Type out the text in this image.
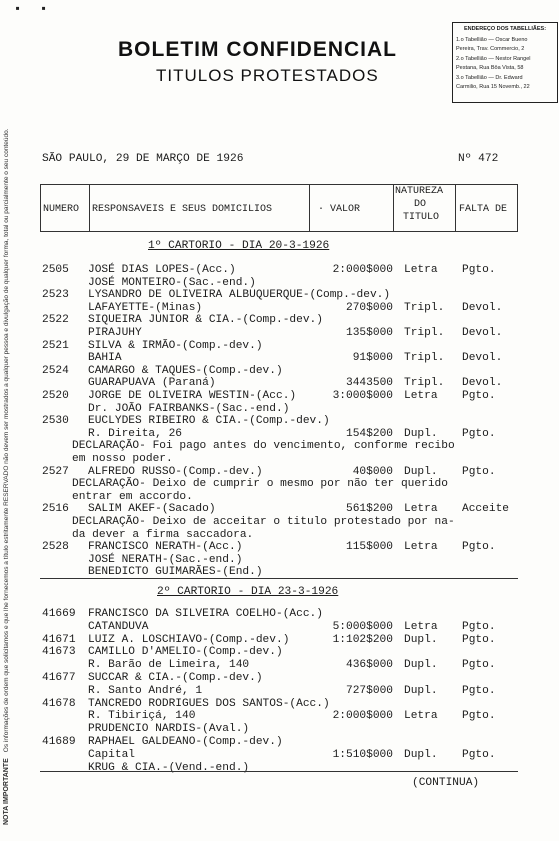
BOLETIM CONFIDENCIAL
TITULOS PROTESTADOS
ENDEREÇO DOS TABELLIÃES:
1.o Tabellião — Oscar Bueno
Pereira, Trav. Commercio, 2
2.o Tabellião — Nestor Rangel
Pestana, Rua Bôa Vista, 58
3.o Tabellião — Dr. Edward
Carmilio, Rua 15 Novemb., 22
NOTA IMPORTANTEOs informações de ordem que solicitamos e que lhe fornecemos a título estritamente RESERVADO não devem ser mostrados a qualquer pessoa e divulgação de qualquer forma, total ou parcialmente o seu conteúdo.
▪ ▪
SÃO PAULO, 29 DE MARÇO DE 1926	Nº 472
NUMERO RESPONSAVEIS E SEUS DOMICILIOS	· VALOR
NATUREZA
DO
TITULO
FALTA DE
1º CARTORIO - DIA 20-3-1926
2505 JOSÉ DIAS LOPES-(Acc.)	2:000$000 Letra Pgto.
JOSÉ MONTEIRO-(Sac.-end.)
2523 LYSANDRO DE OLIVEIRA ALBUQUERQUE-(Comp.-dev.)
LAFAYETTE-(Minas)	270$000 Tripl. Devol.
2522 SIQUEIRA JUNIOR & CIA.-(Comp.-dev.)
PIRAJUHY	135$000 Tripl. Devol.
2521 SILVA & IRMÃO-(Comp.-dev.)
BAHIA	91$000 Tripl. Devol.
2524 CAMARGO & TAQUES-(Comp.-dev.)
GUARAPUAVA (Paraná)	3443500 Tripl. Devol.
2520 JORGE DE OLIVEIRA WESTIN-(Acc.)	3:000$000 Letra Pgto.
Dr. JOÃO FAIRBANKS-(Sac.-end.)
2530 EUCLYDES RIBEIRO & CIA.-(Comp.-dev.)
R. Direita, 26	154$200 Dupl. Pgto.
DECLARAÇÃO- Foi pago antes do vencimento, conforme recibo
em nosso poder.
2527 ALFREDO RUSSO-(Comp.-dev.)	40$000 Dupl. Pgto.
DECLARAÇÃO- Deixo de cumprir o mesmo por não ter querido
entrar em accordo.
2516 SALIM AKEF-(Sacado)	561$200 Letra Acceite
DECLARAÇÃO- Deixo de acceitar o titulo protestado por na-
da dever a firma saccadora.
2528 FRANCISCO NERATH-(Acc.)	115$000 Letra Pgto.
JOSÉ NERATH-(Sac.-end.)
BENEDICTO GUIMARÃES-(End.)
2º CARTORIO - DIA 23-3-1926
41669 FRANCISCO DA SILVEIRA COELHO-(Acc.)
CATANDUVA	5:000$000 Letra Pgto.
41671 LUIZ A. LOSCHIAVO-(Comp.-dev.)	1:102$200 Dupl. Pgto.
41673 CAMILLO D'AMELIO-(Comp.-dev.)
R. Barão de Limeira, 140	436$000 Dupl. Pgto.
41677 SUCCAR & CIA.-(Comp.-dev.)
R. Santo André, 1	727$000 Dupl. Pgto.
41678 TANCREDO RODRIGUES DOS SANTOS-(Acc.)
R. Tibiriçá, 140	2:000$000 Letra Pgto.
PRUDENCIO NARDIS-(Aval.)
41689 RAPHAEL GALDEANO-(Comp.-dev.)
Capital	1:510$000 Dupl. Pgto.
KRUG & CIA.-(Vend.-end.)
(CONTINUA)
